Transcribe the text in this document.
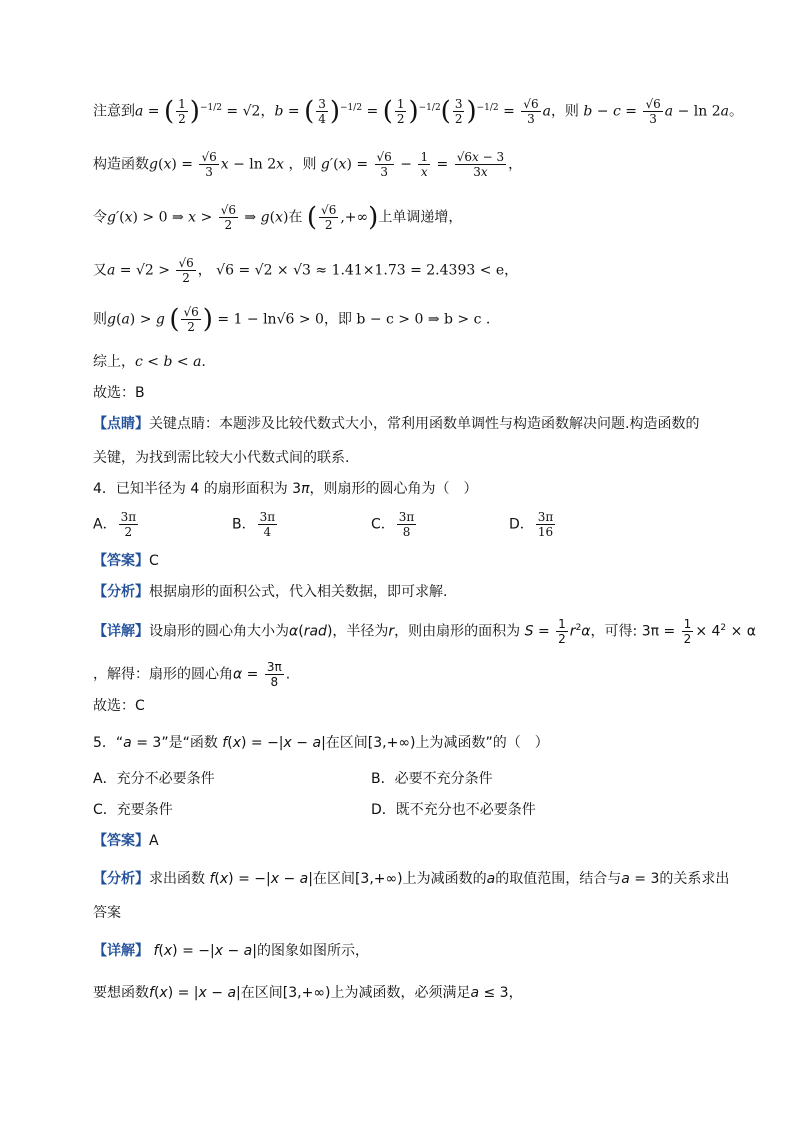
注意到a = ( $\frac{1}{2} )^{-1/2} = √2$，b = ( $\frac{3}{4} )^{-1/2}$ = ( $\frac{1}{2} )^{-1/2}( \frac{3}{2} )^{-1/2} = \frac{√6}{3}$ a，则 $b - c = \frac{√6}{3}$ a − ln 2a。
构造函数$g(x) = \frac{√6}{3}$ x − ln 2x ，则 $g'(x) = \frac{√6}{3} - \frac{1}{x} = \frac{√6x - 3}{3x}$ ，
令g′(x) > 0 ⇒ $x > \frac{√6}{2}$ ⇒ g(x)在 ( $\frac{√6}{2}$ ,+∞)上单调递增，
又$a = √2 > \frac{√6}{2}$ ， √6 = √2 × √3 ≈ 1.41×1.73 = 2.4393 < e，
则g(a) > g ( $\frac{√6}{2}$ ) = 1 − ln√6 > 0，即 b − c > 0 ⇒ b > c .
综上，c < b < a.
故选：B
【点睛】关键点睛：本题涉及比较代数式大小，常利用函数单调性与构造函数解决问题.构造函数的
关键，为找到需比较大小代数式间的联系.
4．已知半径为 4 的扇形面积为 3π，则扇形的圆心角为（　）
A． $\frac{3\pi}{2}$	B． $\frac{3\pi}{4}$	C． $\frac{3\pi}{8}$	D． $\frac{3\pi}{16}$
【答案】C
【分析】根据扇形的面积公式，代入相关数据，即可求解.
【详解】设扇形的圆心角大小为α(rad)，半径为r，则由扇形的面积为 $S = \frac{1}{2} r^2\alpha$，可得: $3\pi = \frac{1}{2} \times 4^2 \times \alpha$
，解得：扇形的圆心角$\alpha = \frac{3\pi}{8}$ .
故选：C
5．“a = 3”是“函数 f(x) = −|x − a|在区间[3,+∞)上为减函数”的（　）
A．充分不必要条件	B．必要不充分条件
C．充要条件	D．既不充分也不必要条件
【答案】A
【分析】求出函数 f(x) = −|x − a|在区间[3,+∞)上为减函数的a的取值范围，结合与a = 3的关系求出
答案
【详解】 f(x) = −|x − a|的图象如图所示，
要想函数f(x) = |x − a|在区间[3,+∞)上为减函数，必须满足a ≤ 3，
